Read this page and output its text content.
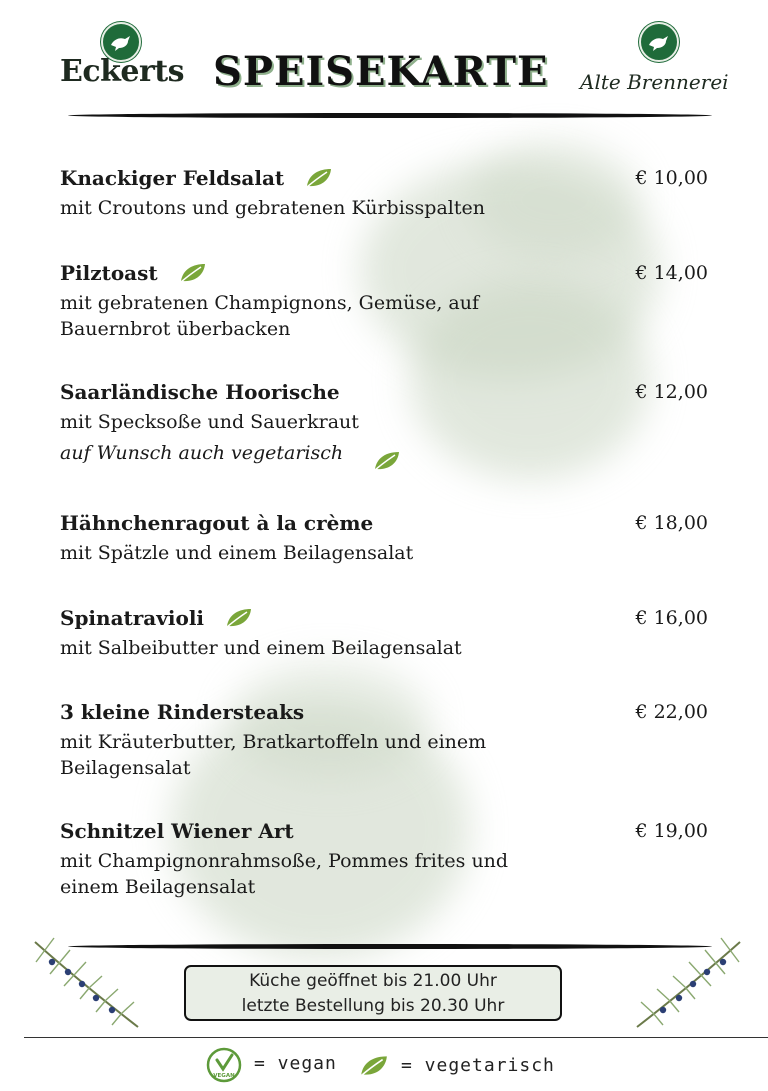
Eckerts SPEISEKARTE Alte Brennerei
Knackiger Feldsalat	€ 10,00
mit Croutons und gebratenen Kürbisspalten
Pilztoast	€ 14,00
mit gebratenen Champignons, Gemüse, auf Bauernbrot überbacken
Saarländische Hoorische	€ 12,00
mit Specksoße und Sauerkraut
auf Wunsch auch vegetarisch
Hähnchenragout à la crème	€ 18,00
mit Spätzle und einem Beilagensalat
Spinatravioli	€ 16,00
mit Salbeibutter und einem Beilagensalat
3 kleine Rindersteaks	€ 22,00
mit Kräuterbutter, Bratkartoffeln und einem Beilagensalat
Schnitzel Wiener Art	€ 19,00
mit Champignonrahmsoße, Pommes frites und einem Beilagensalat
Küche geöffnet bis 21.00 Uhr
letzte Bestellung bis 20.30 Uhr
VEGAN
= vegan	= vegetarisch
